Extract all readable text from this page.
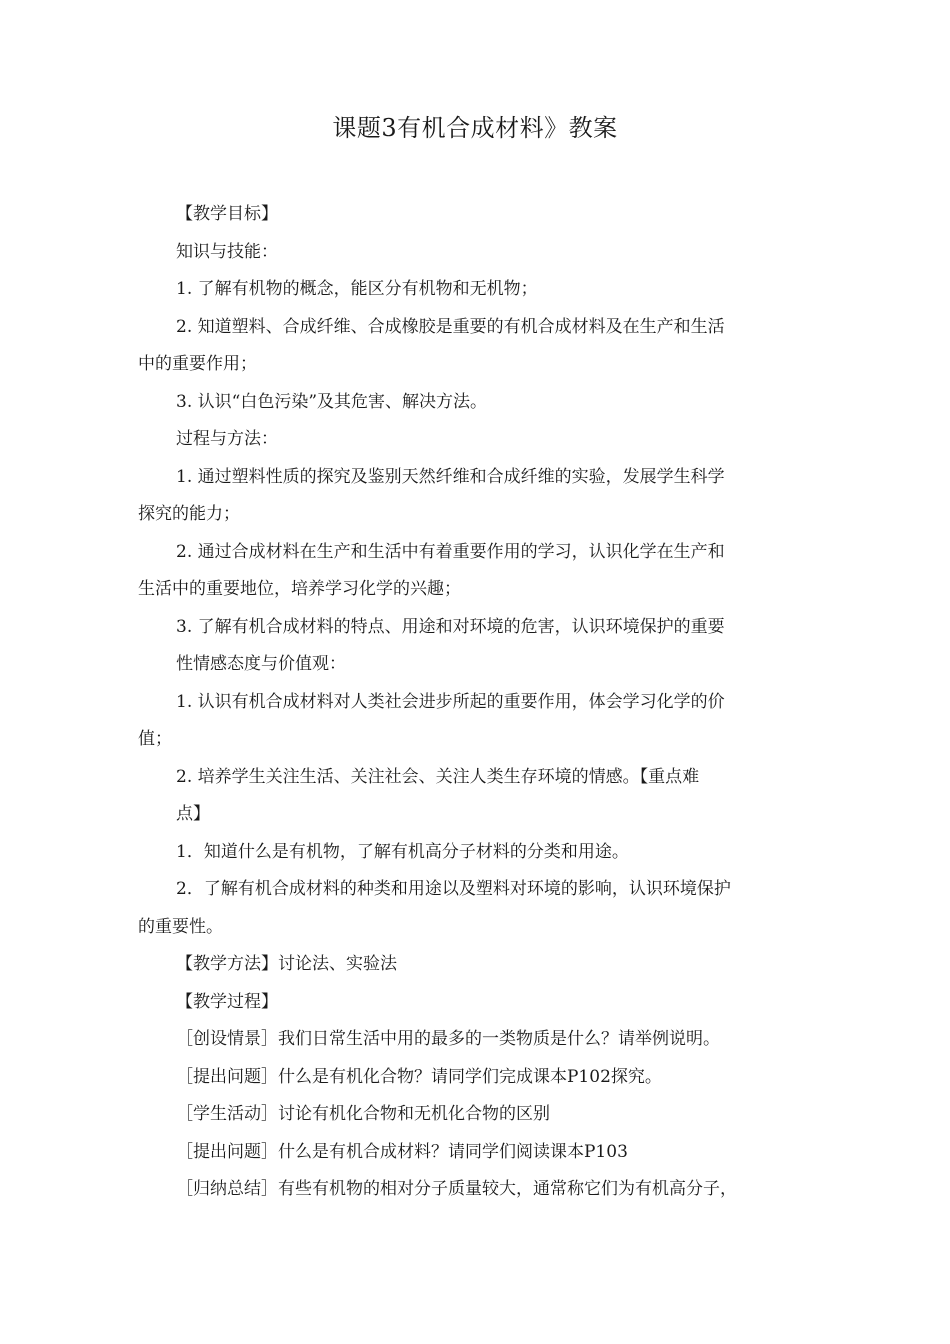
课题3有机合成材料》教案
【教学目标】
知识与技能：
1. 了解有机物的概念，能区分有机物和无机物；
2. 知道塑料、合成纤维、合成橡胶是重要的有机合成材料及在生产和生活
中的重要作用；
3. 认识“白色污染”及其危害、解决方法。
过程与方法：
1. 通过塑料性质的探究及鉴别天然纤维和合成纤维的实验，发展学生科学
探究的能力；
2. 通过合成材料在生产和生活中有着重要作用的学习，认识化学在生产和
生活中的重要地位，培养学习化学的兴趣；
3. 了解有机合成材料的特点、用途和对环境的危害，认识环境保护的重要
性情感态度与价值观：
1. 认识有机合成材料对人类社会进步所起的重要作用，体会学习化学的价
值；
2. 培养学生关注生活、关注社会、关注人类生存环境的情感。【重点难
点】
1．知道什么是有机物，了解有机高分子材料的分类和用途。
2．了解有机合成材料的种类和用途以及塑料对环境的影响，认识环境保护
的重要性。
【教学方法】讨论法、实验法
【教学过程】
［创设情景］我们日常生活中用的最多的一类物质是什么？请举例说明。
［提出问题］什么是有机化合物？请同学们完成课本P102探究。
［学生活动］讨论有机化合物和无机化合物的区别
［提出问题］什么是有机合成材料？请同学们阅读课本P103
［归纳总结］有些有机物的相对分子质量较大，通常称它们为有机高分子，
